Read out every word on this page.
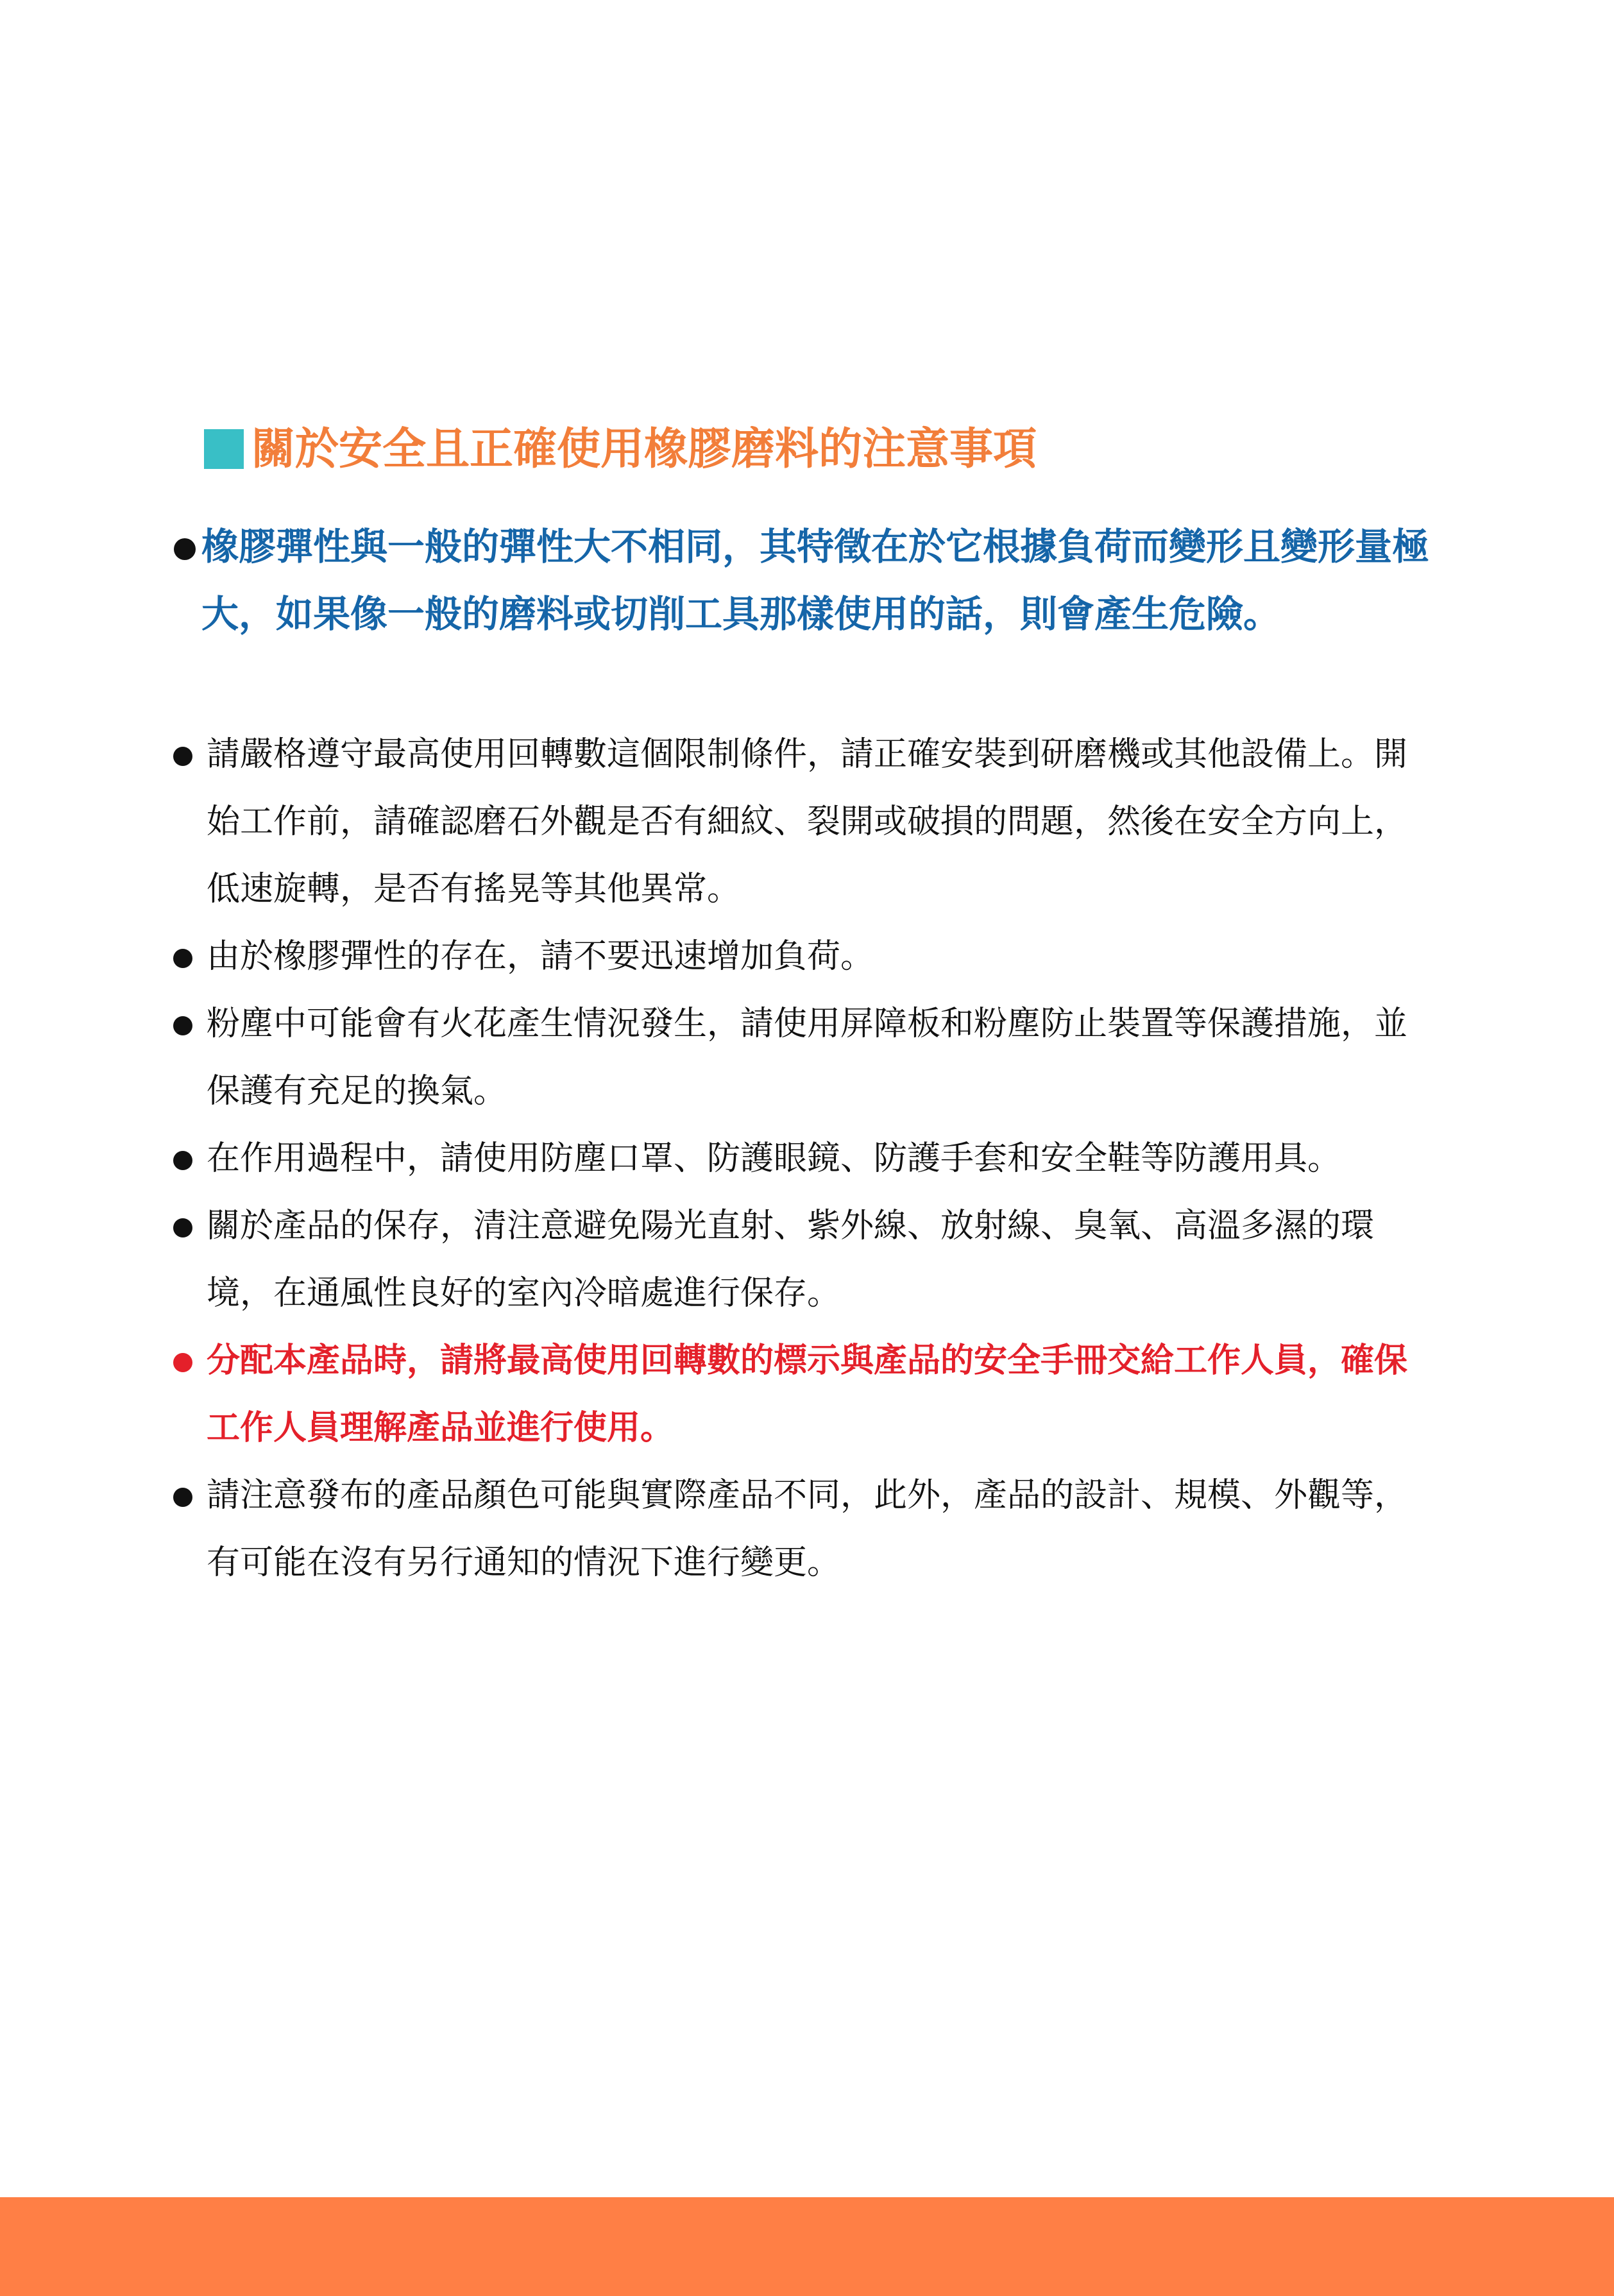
關於安全且正確使用橡膠磨料的注意事項
橡膠彈性與一般的彈性大不相同，其特徵在於它根據負荷而變形且變形量極大，如果像一般的磨料或切削工具那樣使用的話，則會產生危險。
請嚴格遵守最高使用回轉數這個限制條件，請正確安裝到研磨機或其他設備上。開始工作前，請確認磨石外觀是否有細紋、裂開或破損的問題，然後在安全方向上，低速旋轉，是否有搖晃等其他異常。
由於橡膠彈性的存在，請不要迅速增加負荷。
粉塵中可能會有火花產生情況發生，請使用屏障板和粉塵防止裝置等保護措施，並保護有充足的換氣。
在作用過程中，請使用防塵口罩、防護眼鏡、防護手套和安全鞋等防護用具。
關於產品的保存，清注意避免陽光直射、紫外線、放射線、臭氧、高溫多濕的環境，在通風性良好的室內冷暗處進行保存。
分配本產品時，請將最高使用回轉數的標示與產品的安全手冊交給工作人員，確保工作人員理解產品並進行使用。
請注意發布的產品顏色可能與實際產品不同，此外，產品的設計、規模、外觀等，有可能在沒有另行通知的情況下進行變更。
